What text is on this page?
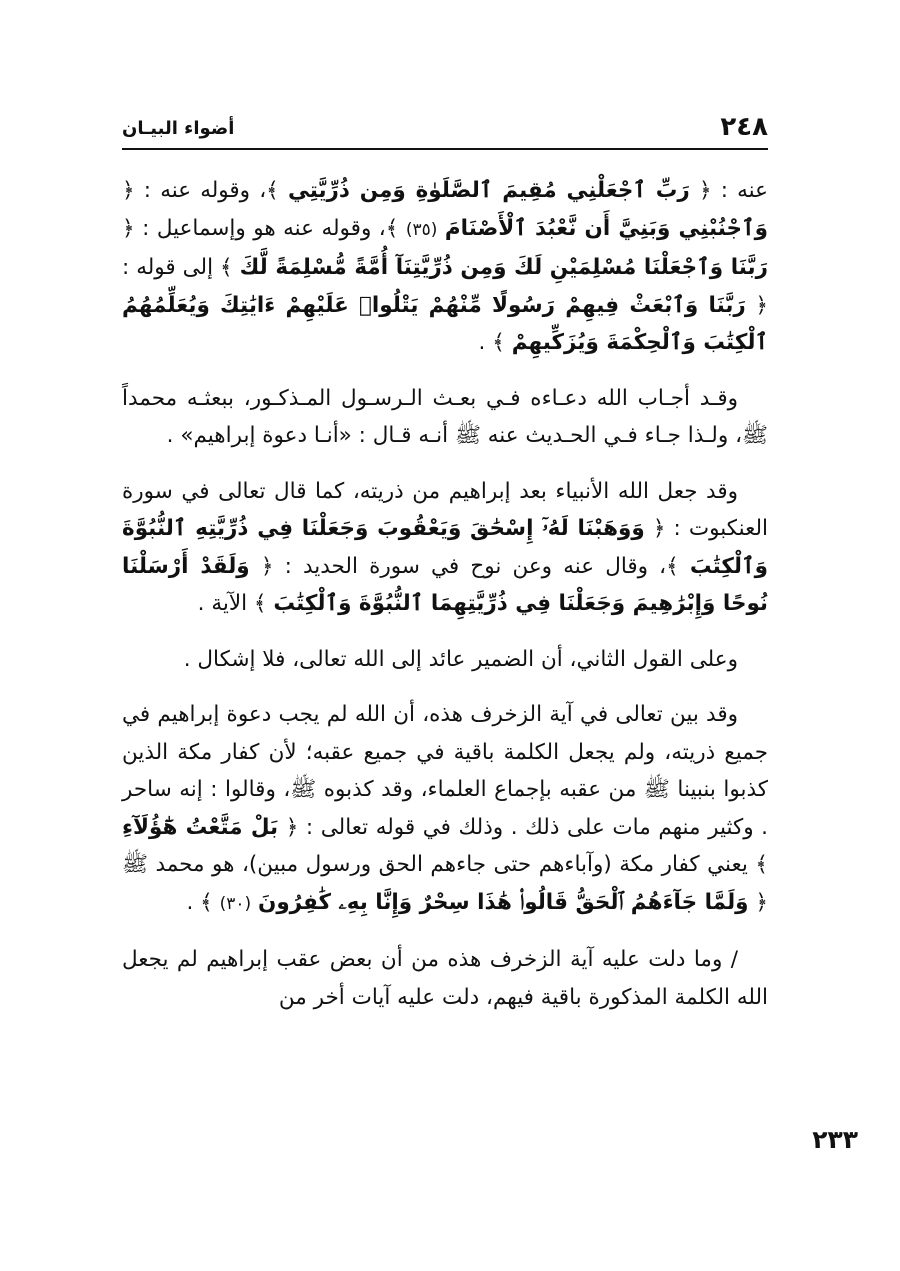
٢٤٨
أضواء البيـان

عنه : ﴿ رَبِّ ٱجْعَلْنِي مُقِيمَ ٱلصَّلَوٰةِ وَمِن ذُرِّيَّتِي ﴾، وقوله عنه : ﴿ وَٱجْنُبْنِي وَبَنِيَّ أَن نَّعْبُدَ ٱلْأَصْنَامَ (٣٥) ﴾، وقوله عنه هو وإسماعيل : ﴿ رَبَّنَا وَٱجْعَلْنَا مُسْلِمَيْنِ لَكَ وَمِن ذُرِّيَّتِنَآ أُمَّةً مُّسْلِمَةً لَّكَ ﴾ إلى قوله : ﴿ رَبَّنَا وَٱبْعَثْ فِيهِمْ رَسُولًا مِّنْهُمْ يَتْلُوا۟ عَلَيْهِمْ ءَايَٰتِكَ وَيُعَلِّمُهُمُ ٱلْكِتَٰبَ وَٱلْحِكْمَةَ وَيُزَكِّيهِمْ ﴾ .

وقـد أجـاب الله دعـاءه فـي بعـث الـرسـول المـذكـور، ببعثـه محمداً ﷺ، ولـذا جـاء فـي الحـديث عنه ﷺ أنـه قـال : «أنـا دعوة إبراهيم» .

وقد جعل الله الأنبياء بعد إبراهيم من ذريته، كما قال تعالى في سورة العنكبوت : ﴿ وَوَهَبْنَا لَهُۥٓ إِسْحَٰقَ وَيَعْقُوبَ وَجَعَلْنَا فِي ذُرِّيَّتِهِ ٱلنُّبُوَّةَ وَٱلْكِتَٰبَ ﴾، وقال عنه وعن نوح في سورة الحديد : ﴿ وَلَقَدْ أَرْسَلْنَا نُوحًا وَإِبْرَٰهِيمَ وَجَعَلْنَا فِي ذُرِّيَّتِهِمَا ٱلنُّبُوَّةَ وَٱلْكِتَٰبَ ﴾ الآية .

وعلى القول الثاني، أن الضمير عائد إلى الله تعالى، فلا إشكال .

وقد بين تعالى في آية الزخرف هذه، أن الله لم يجب دعوة إبراهيم في جميع ذريته، ولم يجعل الكلمة باقية في جميع عقبه؛ لأن كفار مكة الذين كذبوا بنبينا ﷺ من عقبه بإجماع العلماء، وقد كذبوه ﷺ، وقالوا : إنه ساحر . وكثير منهم مات على ذلك . وذلك في قوله تعالى : ﴿ بَلْ مَتَّعْتُ هَٰٓؤُلَآءِ ﴾ يعني كفار مكة (وآباءهم حتى جاءهم الحق ورسول مبين)، هو محمد ﷺ ﴿ وَلَمَّا جَآءَهُمُ ٱلْحَقُّ قَالُوا۟ هَٰذَا سِحْرٌ وَإِنَّا بِهِۦ كَٰفِرُونَ (٣٠) ﴾ .

/ وما دلت عليه آية الزخرف هذه من أن بعض عقب إبراهيم لم يجعل الله الكلمة المذكورة باقية فيهم، دلت عليه آيات أخر من

٢٣٣
